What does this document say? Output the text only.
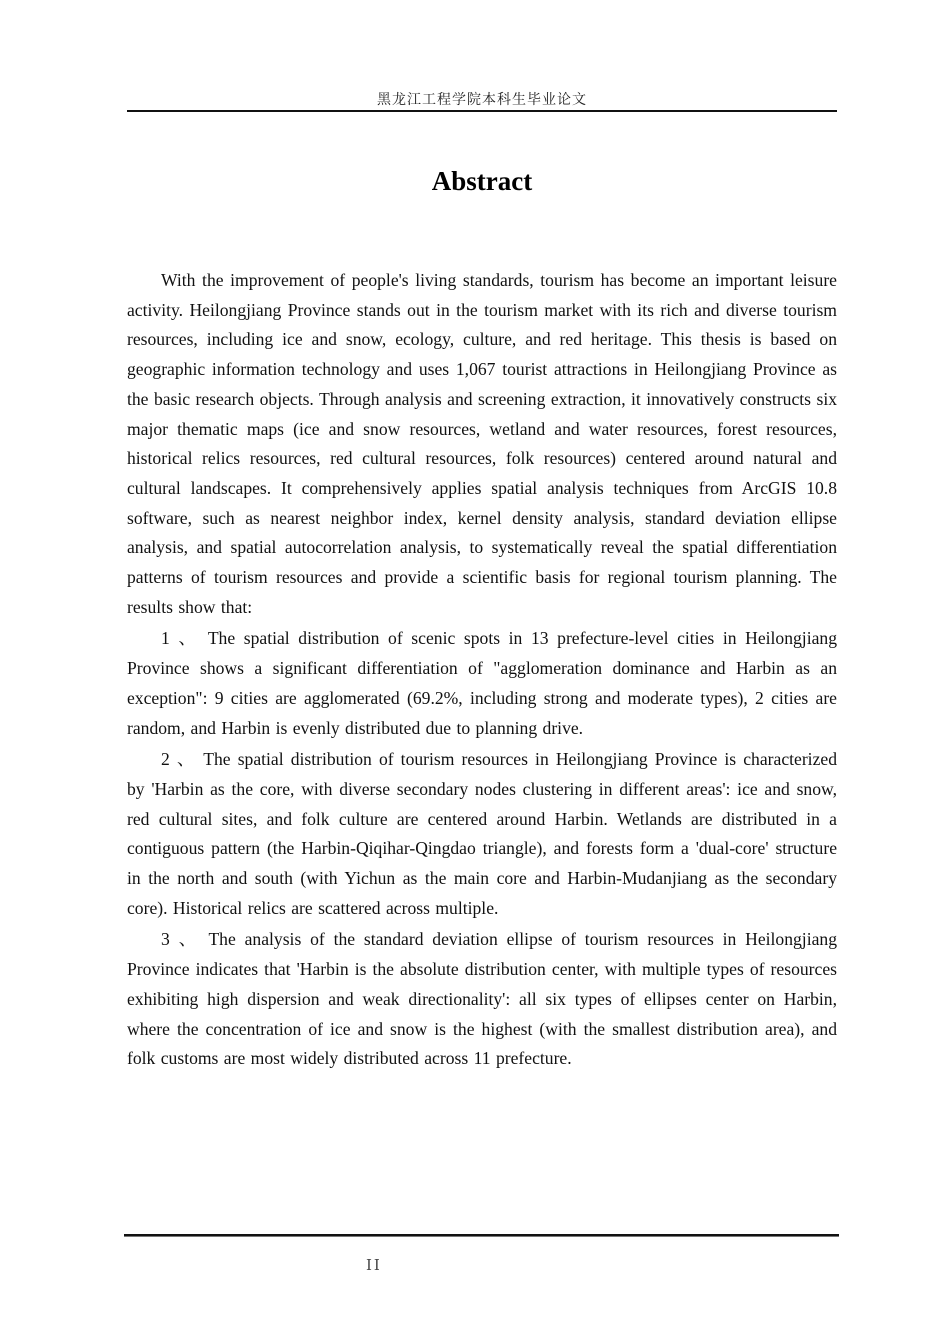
黑龙江工程学院本科生毕业论文
Abstract

With the improvement of people's living standards, tourism has become an important leisure activity. Heilongjiang Province stands out in the tourism market with its rich and diverse tourism resources, including ice and snow, ecology, culture, and red heritage. This thesis is based on geographic information technology and uses 1,067 tourist attractions in Heilongjiang Province as the basic research objects. Through analysis and screening extraction, it innovatively constructs six major thematic maps (ice and snow resources, wetland and water resources, forest resources, historical relics resources, red cultural resources, folk resources) centered around natural and cultural landscapes. It comprehensively applies spatial analysis techniques from ArcGIS 10.8 software, such as nearest neighbor index, kernel density analysis, standard deviation ellipse analysis, and spatial autocorrelation analysis, to systematically reveal the spatial differentiation patterns of tourism resources and provide a scientific basis for regional tourism planning. The results show that:

1 、 The spatial distribution of scenic spots in 13 prefecture-level cities in Heilongjiang Province shows a significant differentiation of "agglomeration dominance and Harbin as an exception": 9 cities are agglomerated (69.2%, including strong and moderate types), 2 cities are random, and Harbin is evenly distributed due to planning drive.

2 、 The spatial distribution of tourism resources in Heilongjiang Province is characterized by 'Harbin as the core, with diverse secondary nodes clustering in different areas': ice and snow, red cultural sites, and folk culture are centered around Harbin. Wetlands are distributed in a contiguous pattern (the Harbin-Qiqihar-Qingdao triangle), and forests form a 'dual-core' structure in the north and south (with Yichun as the main core and Harbin-Mudanjiang as the secondary core). Historical relics are scattered across multiple.

3 、 The analysis of the standard deviation ellipse of tourism resources in Heilongjiang Province indicates that 'Harbin is the absolute distribution center, with multiple types of resources exhibiting high dispersion and weak directionality': all six types of ellipses center on Harbin, where the concentration of ice and snow is the highest (with the smallest distribution area), and folk customs are most widely distributed across 11 prefecture.

II
